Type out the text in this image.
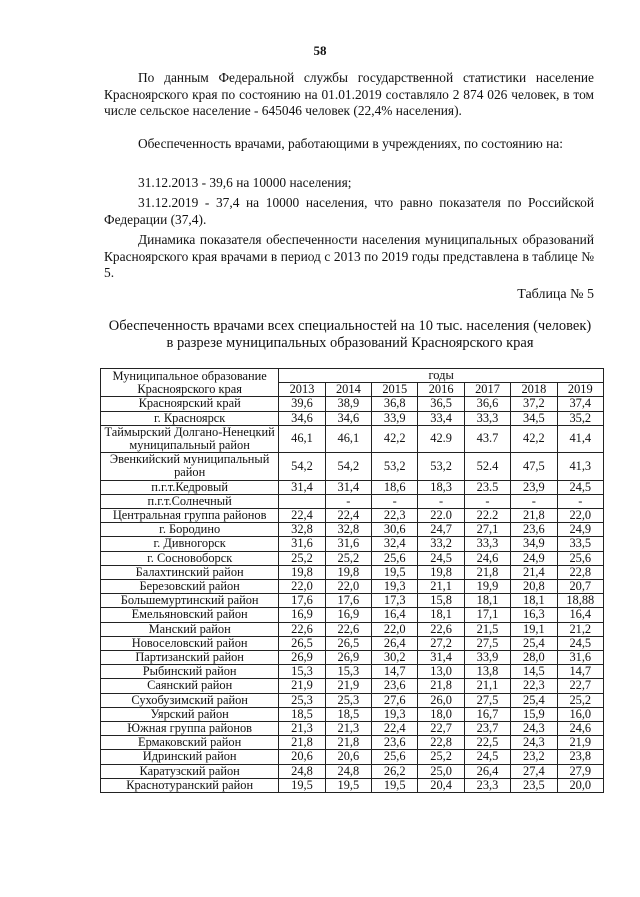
58

По данным Федеральной службы государственной статистики население Красноярского края по состоянию на 01.01.2019 составляло 2 874 026 человек, в том числе сельское население - 645046 человек (22,4% населения).

Обеспеченность врачами, работающими в учреждениях, по состоянию на:

31.12.2013 - 39,6 на 10000 населения;

31.12.2019 - 37,4 на 10000 населения, что равно показателя по Российской Федерации (37,4).

Динамика показателя обеспеченности населения муниципальных образований Красноярского края врачами в период с 2013 по 2019 годы представлена в таблице № 5.

Таблица № 5
Обеспеченность врачами всех специальностей на 10 тыс. населения (человек)
в разрезе муниципальных образований Красноярского края
Муниципальное образование Красноярского края	годы						
	2013	2014	2015	2016	2017	2018	2019
Красноярский край	39,6	38,9	36,8	36,5	36,6	37,2	37,4
г. Красноярск	34,6	34,6	33,9	33,4	33,3	34,5	35,2
Таймырский Долгано-Ненецкий муниципальный район	46,1	46,1	42,2	42.9	43.7	42,2	41,4
Эвенкийский муниципальный район	54,2	54,2	53,2	53,2	52.4	47,5	41,3
п.г.т.Кедровый	31,4	31,4	18,6	18,3	23.5	23,9	24,5
п.г.т.Солнечный		-	-	-	-	-	-
Центральная группа районов	22,4	22,4	22,3	22.0	22.2	21,8	22,0
г. Бородино	32,8	32,8	30,6	24,7	27,1	23,6	24,9
г. Дивногорск	31,6	31,6	32,4	33,2	33,3	34,9	33,5
г. Сосновоборск	25,2	25,2	25,6	24,5	24,6	24,9	25,6
Балахтинский район	19,8	19,8	19,5	19,8	21,8	21,4	22,8
Березовский район	22,0	22,0	19,3	21,1	19,9	20,8	20,7
Большемуртинский район	17,6	17,6	17,3	15,8	18,1	18,1	18,88
Емельяновский район	16,9	16,9	16,4	18,1	17,1	16,3	16,4
Манский район	22,6	22,6	22,0	22,6	21,5	19,1	21,2
Новоселовский район	26,5	26,5	26,4	27,2	27,5	25,4	24,5
Партизанский район	26,9	26,9	30,2	31,4	33,9	28,0	31,6
Рыбинский район	15,3	15,3	14,7	13,0	13,8	14,5	14,7
Саянский район	21,9	21,9	23,6	21,8	21,1	22,3	22,7
Сухобузимский район	25,3	25,3	27,6	26,0	27,5	25,4	25,2
Уярский район	18,5	18,5	19,3	18,0	16,7	15,9	16,0
Южная группа районов	21,3	21,3	22,4	22,7	23,7	24,3	24,6
Ермаковский район	21,8	21,8	23,6	22,8	22,5	24,3	21,9
Идринский район	20,6	20,6	25,6	25,2	24,5	23,2	23,8
Каратузский район	24,8	24,8	26,2	25,0	26,4	27,4	27,9
Краснотуранский район	19,5	19,5	19,5	20,4	23,3	23,5	20,0
